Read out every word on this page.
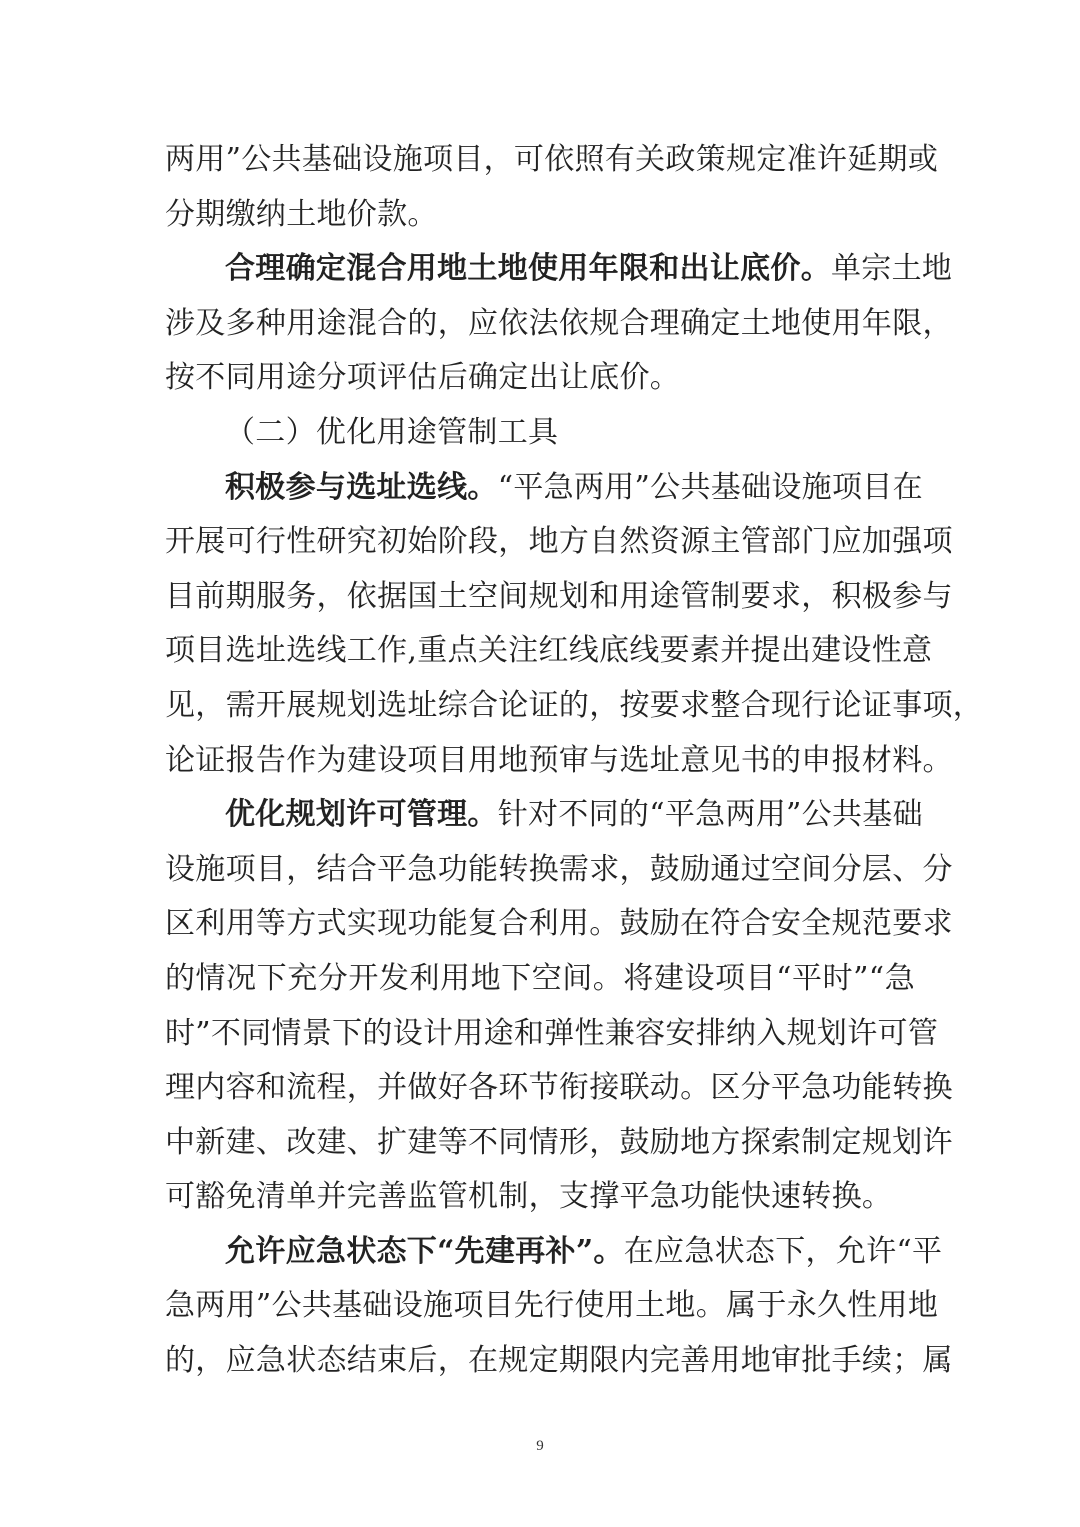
两用”公共基础设施项目，可依照有关政策规定准许延期或
分期缴纳土地价款。
合理确定混合用地土地使用年限和出让底价。单宗土地
涉及多种用途混合的，应依法依规合理确定土地使用年限，
按不同用途分项评估后确定出让底价。
（二）优化用途管制工具
积极参与选址选线。“平急两用”公共基础设施项目在
开展可行性研究初始阶段，地方自然资源主管部门应加强项
目前期服务，依据国土空间规划和用途管制要求，积极参与
项目选址选线工作,重点关注红线底线要素并提出建设性意
见，需开展规划选址综合论证的，按要求整合现行论证事项，
论证报告作为建设项目用地预审与选址意见书的申报材料。
优化规划许可管理。针对不同的“平急两用”公共基础
设施项目，结合平急功能转换需求，鼓励通过空间分层、分
区利用等方式实现功能复合利用。鼓励在符合安全规范要求
的情况下充分开发利用地下空间。将建设项目“平时”“急
时”不同情景下的设计用途和弹性兼容安排纳入规划许可管
理内容和流程，并做好各环节衔接联动。区分平急功能转换
中新建、改建、扩建等不同情形，鼓励地方探索制定规划许
可豁免清单并完善监管机制，支撑平急功能快速转换。
允许应急状态下“先建再补”。在应急状态下，允许“平
急两用”公共基础设施项目先行使用土地。属于永久性用地
的，应急状态结束后，在规定期限内完善用地审批手续；属
9
